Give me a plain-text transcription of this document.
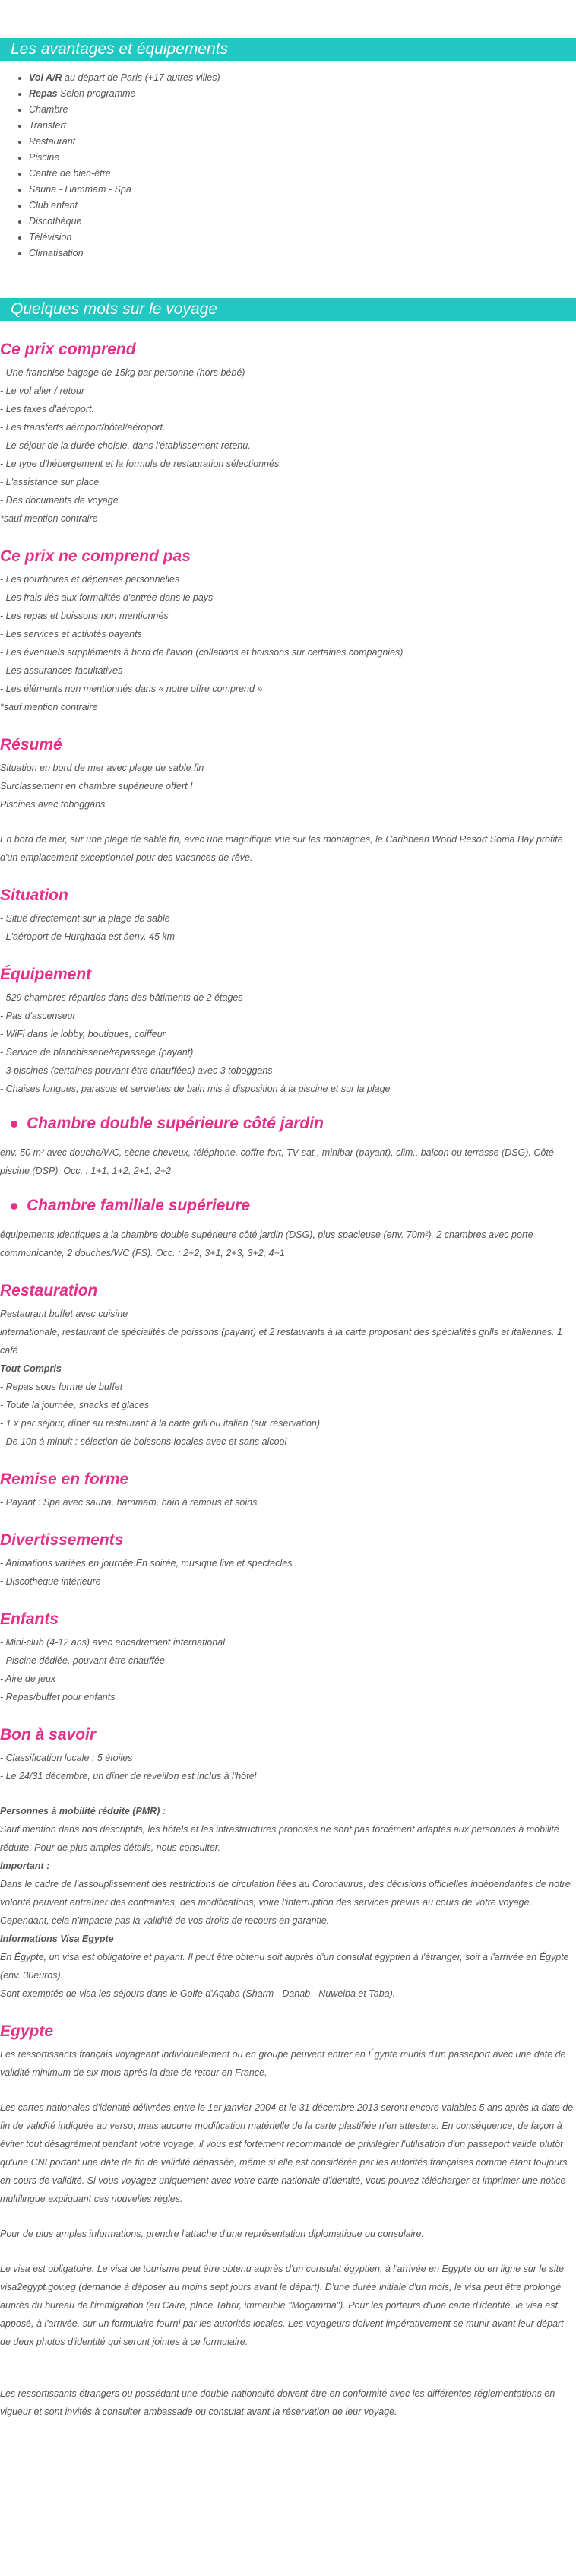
Les avantages et équipements
• Vol A/R au départ de Paris (+17 autres villes)
• Repas Selon programme
• Chambre
• Transfert
• Restaurant
• Piscine
• Centre de bien-être
• Sauna - Hammam - Spa
• Club enfant
• Discothèque
• Télévision
• Climatisation
Quelques mots sur le voyage
Ce prix comprend

- Une franchise bagage de 15kg par personne (hors bébé)

- Le vol aller / retour

- Les taxes d'aéroport.

- Les transferts aéroport/hôtel/aéroport.

- Le séjour de la durée choisie, dans l'établissement retenu.

- Le type d'hébergement et la formule de restauration sélectionnés.

- L'assistance sur place.

- Des documents de voyage.

*sauf mention contraire

Ce prix ne comprend pas

- Les pourboires et dépenses personnelles

- Les frais liés aux formalités d'entrée dans le pays

- Les repas et boissons non mentionnés

- Les services et activités payants

- Les éventuels suppléments à bord de l'avion (collations et boissons sur certaines compagnies)

- Les assurances facultatives

- Les éléments non mentionnés dans « notre offre comprend »

*sauf mention contraire

Résumé

Situation en bord de mer avec plage de sable fin

Surclassement en chambre supérieure offert !

Piscines avec toboggans

En bord de mer, sur une plage de sable fin, avec une magnifique vue sur les montagnes, le Caribbean World Resort Soma Bay profite d'un emplacement exceptionnel pour des vacances de rêve.

Situation

- Situé directement sur la plage de sable

- L'aéroport de Hurghada est àenv. 45 km

Équipement

- 529 chambres réparties dans des bâtiments de 2 étages

- Pas d'ascenseur

- WiFi dans le lobby, boutiques, coiffeur

- Service de blanchisserie/repassage (payant)

- 3 piscines (certaines pouvant être chauffées) avec 3 toboggans

- Chaises longues, parasols et serviettes de bain mis à disposition à la piscine et sur la plage

Chambre double supérieure côté jardin

env. 50 m² avec douche/WC, sèche-cheveux, téléphone, coffre-fort, TV-sat., minibar (payant), clim., balcon ou terrasse (DSG). Côté piscine (DSP). Occ. : 1+1, 1+2, 2+1, 2+2

Chambre familiale supérieure

équipements identiques à la chambre double supérieure côté jardin (DSG), plus spacieuse (env. 70m²), 2 chambres avec porte communicante, 2 douches/WC (FS). Occ. : 2+2, 3+1, 2+3, 3+2, 4+1

Restauration

Restaurant buffet avec cuisine

internationale, restaurant de spécialités de poissons (payant) et 2 restaurants à la carte proposant des spécialités grills et italiennes. 1 café

Tout Compris

- Repas sous forme de buffet

- Toute la journée, snacks et glaces

- 1 x par séjour, dîner au restaurant à la carte grill ou italien (sur réservation)

- De 10h à minuit : sélection de boissons locales avec et sans alcool

Remise en forme

- Payant : Spa avec sauna, hammam, bain à remous et soins

Divertissements

- Animations variées en journée.En soirée, musique live et spectacles.

- Discothèque intérieure

Enfants

- Mini-club (4-12 ans) avec encadrement international

- Piscine dédiée, pouvant être chauffée

- Aire de jeux

- Repas/buffet pour enfants

Bon à savoir

- Classification locale : 5 étoiles

- Le 24/31 décembre, un dîner de réveillon est inclus à l'hôtel

Personnes à mobilité réduite (PMR) :

Sauf mention dans nos descriptifs, les hôtels et les infrastructures proposés ne sont pas forcément adaptés aux personnes à mobilité réduite. Pour de plus amples détails, nous consulter.

Important :

Dans le cadre de l'assouplissement des restrictions de circulation liées au Coronavirus, des décisions officielles indépendantes de notre volonté peuvent entraîner des contraintes, des modifications, voire l'interruption des services prévus au cours de votre voyage.

Cependant, cela n'impacte pas la validité de vos droits de recours en garantie.

Informations Visa Egypte

En Égypte, un visa est obligatoire et payant. Il peut être obtenu soit auprès d'un consulat égyptien à l'étranger, soit à l'arrivée en Égypte (env. 30euros).

Sont exemptés de visa les séjours dans le Golfe d'Aqaba (Sharm - Dahab - Nuweiba et Taba).

Egypte

Les ressortissants français voyageant individuellement ou en groupe peuvent entrer en Égypte munis d'un passeport avec une date de validité minimum de six mois après la date de retour en France.

Les cartes nationales d'identité délivrées entre le 1er janvier 2004 et le 31 décembre 2013 seront encore valables 5 ans après la date de fin de validité indiquée au verso, mais aucune modification matérielle de la carte plastifiée n'en attestera. En conséquence, de façon à éviter tout désagrément pendant votre voyage, il vous est fortement recommandé de privilégier l'utilisation d'un passeport valide plutôt qu'une CNI portant une date de fin de validité dépassée, même si elle est considérée par les autorités françaises comme étant toujours en cours de validité. Si vous voyagez uniquement avec votre carte nationale d'identité, vous pouvez télécharger et imprimer une notice multilingue expliquant ces nouvelles règles.

Pour de plus amples informations, prendre l'attache d'une représentation diplomatique ou consulaire.

Le visa est obligatoire. Le visa de tourisme peut être obtenu auprès d'un consulat égyptien, à l'arrivée en Egypte ou en ligne sur le site visa2egypt.gov.eg (demande à déposer au moins sept jours avant le départ). D'une durée initiale d'un mois, le visa peut être prolongé auprès du bureau de l'immigration (au Caire, place Tahrir, immeuble "Mogamma"). Pour les porteurs d'une carte d'identité, le visa est apposé, à l'arrivée, sur un formulaire fourni par les autorités locales. Les voyageurs doivent impérativement se munir avant leur départ de deux photos d'identité qui seront jointes à ce formulaire.

Les ressortissants étrangers ou possédant une double nationalité doivent être en conformité avec les différentes réglementations en vigueur et sont invités à consulter ambassade ou consulat avant la réservation de leur voyage.
